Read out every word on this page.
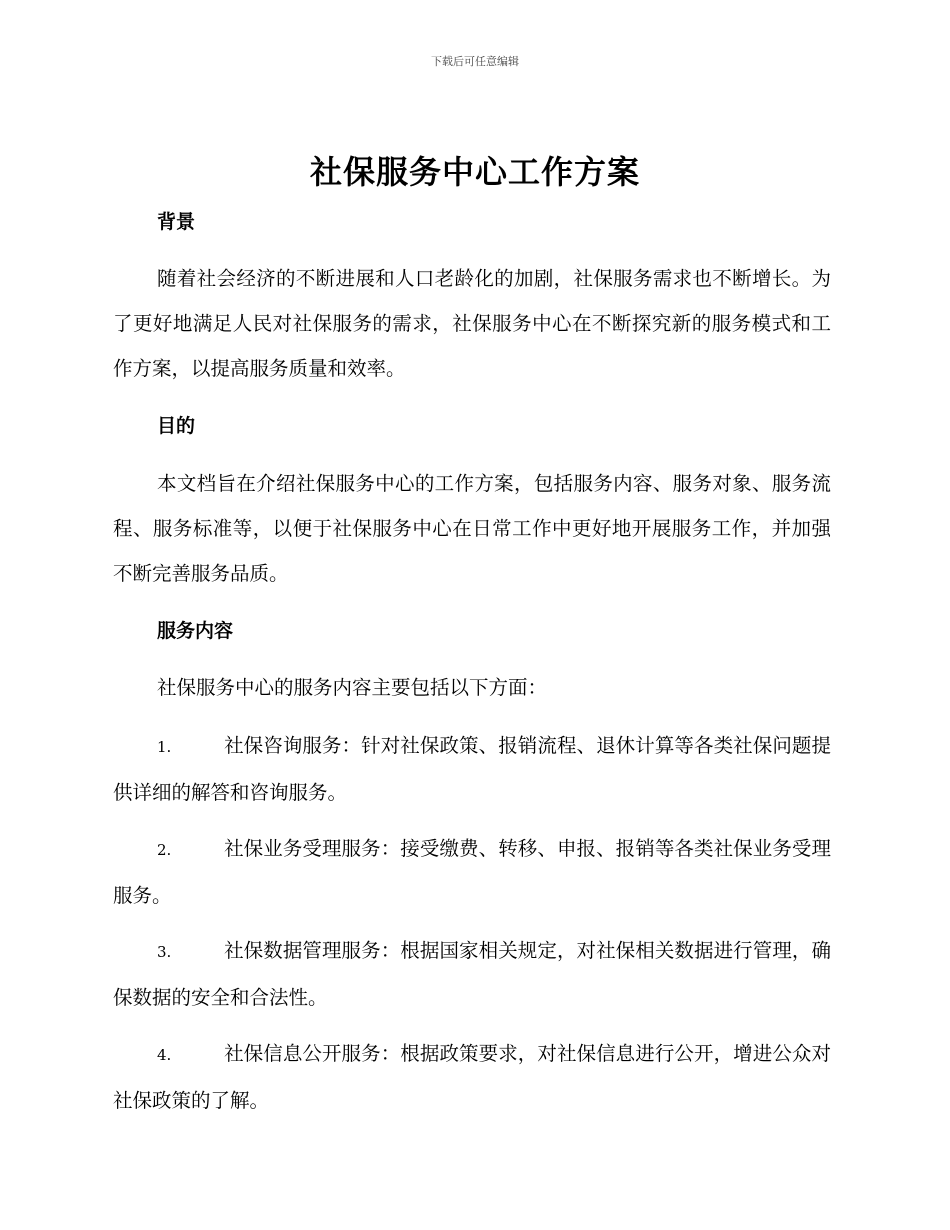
下载后可任意编辑
社保服务中心工作方案
背景

随着社会经济的不断进展和人口老龄化的加剧，社保服务需求也不断增长。为了更好地满足人民对社保服务的需求，社保服务中心在不断探究新的服务模式和工作方案，以提高服务质量和效率。

目的

本文档旨在介绍社保服务中心的工作方案，包括服务内容、服务对象、服务流程、服务标准等，以便于社保服务中心在日常工作中更好地开展服务工作，并加强不断完善服务品质。

服务内容

社保服务中心的服务内容主要包括以下方面：

1.	社保咨询服务：针对社保政策、报销流程、退休计算等各类社保问题提供详细的解答和咨询服务。

2.	社保业务受理服务：接受缴费、转移、申报、报销等各类社保业务受理服务。

3.	社保数据管理服务：根据国家相关规定，对社保相关数据进行管理，确保数据的安全和合法性。

4.	社保信息公开服务：根据政策要求，对社保信息进行公开，增进公众对社保政策的了解。
